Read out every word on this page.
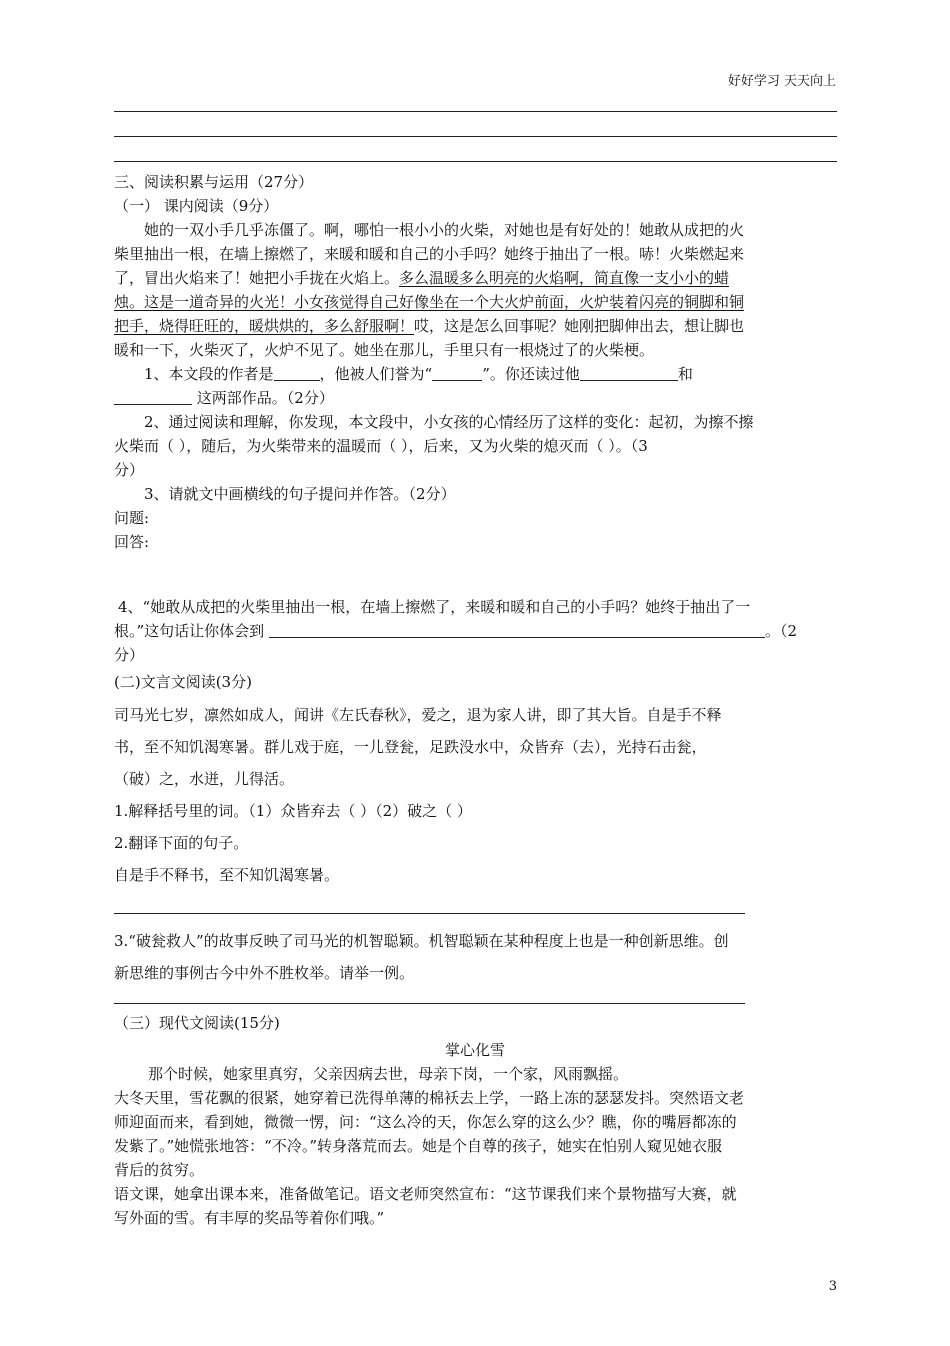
好好学习 天天向上
三、阅读积累与运用（27分）
（一） 课内阅读（9分）
她的一双小手几乎冻僵了。啊，哪怕一根小小的火柴，对她也是有好处的！她敢从成把的火
柴里抽出一根，在墙上擦燃了，来暖和暖和自己的小手吗？她终于抽出了一根。哧！火柴燃起来
了，冒出火焰来了！她把小手拢在火焰上。多么温暖多么明亮的火焰啊，简直像一支小小的蜡
烛。这是一道奇异的火光！小女孩觉得自己好像坐在一个大火炉前面，火炉装着闪亮的铜脚和铜
把手，烧得旺旺的，暖烘烘的，多么舒服啊！哎，这是怎么回事呢？她刚把脚伸出去，想让脚也
暖和一下，火柴灭了，火炉不见了。她坐在那儿，手里只有一根烧过了的火柴梗。
1、本文段的作者是	，他被人们誉为“	”。你还读过他	和
这两部作品。（2分）
2、通过阅读和理解，你发现，本文段中，小女孩的心情经历了这样的变化：起初，为擦不擦
火柴而（ ），随后，为火柴带来的温暖而（ ），后来，又为火柴的熄灭而（ ）。（3
分）
3、请就文中画横线的句子提问并作答。（2分）
问题:
回答:
4、“她敢从成把的火柴里抽出一根，在墙上擦燃了，来暖和暖和自己的小手吗？她终于抽出了一
根。”这句话让你体会到	。（2
分）
(二)文言文阅读(3分)
司马光七岁，凛然如成人，闻讲《左氏春秋》，爱之，退为家人讲，即了其大旨。自是手不释
书，至不知饥渴寒暑。群儿戏于庭，一儿登瓮，足跌没水中，众皆弃（去），光持石击瓮，
（破）之，水迸，儿得活。
1.解释括号里的词。（1）众皆弃去（ ）（2）破之（ ）
2.翻译下面的句子。
自是手不释书，至不知饥渴寒暑。
3.“破瓮救人”的故事反映了司马光的机智聪颖。机智聪颖在某种程度上也是一种创新思维。创
新思维的事例古今中外不胜枚举。请举一例。
（三）现代文阅读(15分)
掌心化雪
那个时候，她家里真穷，父亲因病去世，母亲下岗，一个家，风雨飘摇。
大冬天里，雪花飘的很紧，她穿着已洗得单薄的棉袄去上学，一路上冻的瑟瑟发抖。突然语文老
师迎面而来，看到她，微微一愣，问：“这么冷的天，你怎么穿的这么少？瞧，你的嘴唇都冻的
发紫了。”她慌张地答：“不冷。”转身落荒而去。她是个自尊的孩子，她实在怕别人窥见她衣服
背后的贫穷。
语文课，她拿出课本来，准备做笔记。语文老师突然宣布：“这节课我们来个景物描写大赛，就
写外面的雪。有丰厚的奖品等着你们哦。”
3
